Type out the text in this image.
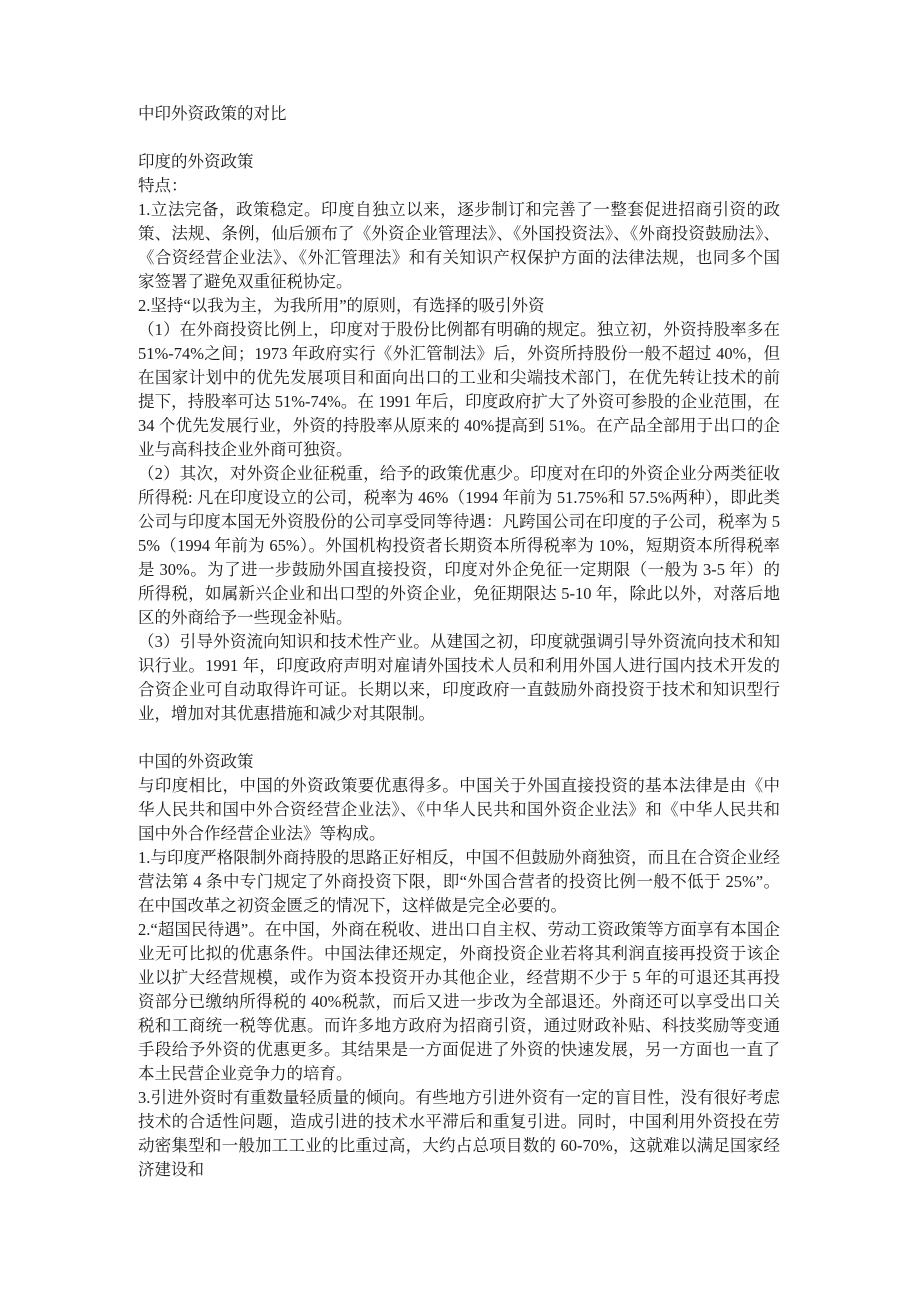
中印外资政策的对比

印度的外资政策

特点：

1.立法完备，政策稳定。印度自独立以来，逐步制订和完善了一整套促进招商引资的政策、法规、条例，仙后颁布了《外资企业管理法》、《外国投资法》、《外商投资鼓励法》、《合资经营企业法》、《外汇管理法》和有关知识产权保护方面的法律法规，也同多个国家签署了避免双重征税协定。

2.坚持“以我为主，为我所用”的原则，有选择的吸引外资

（1）在外商投资比例上，印度对于股份比例都有明确的规定。独立初，外资持股率多在 51%-74%之间；1973 年政府实行《外汇管制法》后，外资所持股份一般不超过 40%，但在国家计划中的优先发展项目和面向出口的工业和尖端技术部门，在优先转让技术的前提下，持股率可达 51%-74%。在 1991 年后，印度政府扩大了外资可参股的企业范围，在 34 个优先发展行业，外资的持股率从原来的 40%提高到 51%。在产品全部用于出口的企业与高科技企业外商可独资。

（2）其次，对外资企业征税重，给予的政策优惠少。印度对在印的外资企业分两类征收所得税: 凡在印度设立的公司，税率为 46%（1994 年前为 51.75%和 57.5%两种），即此类公司与印度本国无外资股份的公司享受同等待遇：凡跨国公司在印度的子公司，税率为 55%（1994 年前为 65%）。外国机构投资者长期资本所得税率为 10%，短期资本所得税率是 30%。为了进一步鼓励外国直接投资，印度对外企免征一定期限（一般为 3-5 年）的所得税，如属新兴企业和出口型的外资企业，免征期限达 5-10 年，除此以外，对落后地区的外商给予一些现金补贴。

（3）引导外资流向知识和技术性产业。从建国之初，印度就强调引导外资流向技术和知识行业。1991 年，印度政府声明对雇请外国技术人员和利用外国人进行国内技术开发的合资企业可自动取得许可证。长期以来，印度政府一直鼓励外商投资于技术和知识型行业，增加对其优惠措施和减少对其限制。

中国的外资政策

与印度相比，中国的外资政策要优惠得多。中国关于外国直接投资的基本法律是由《中华人民共和国中外合资经营企业法》、《中华人民共和国外资企业法》和《中华人民共和国中外合作经营企业法》等构成。

1.与印度严格限制外商持股的思路正好相反，中国不但鼓励外商独资，而且在合资企业经营法第 4 条中专门规定了外商投资下限，即“外国合营者的投资比例一般不低于 25%”。在中国改革之初资金匮乏的情况下，这样做是完全必要的。

2.“超国民待遇”。在中国，外商在税收、进出口自主权、劳动工资政策等方面享有本国企业无可比拟的优惠条件。中国法律还规定，外商投资企业若将其利润直接再投资于该企业以扩大经营规模，或作为资本投资开办其他企业，经营期不少于 5 年的可退还其再投资部分已缴纳所得税的 40%税款，而后又进一步改为全部退还。外商还可以享受出口关税和工商统一税等优惠。而许多地方政府为招商引资，通过财政补贴、科技奖励等变通手段给予外资的优惠更多。其结果是一方面促进了外资的快速发展，另一方面也一直了本土民营企业竞争力的培育。

3.引进外资时有重数量轻质量的倾向。有些地方引进外资有一定的盲目性，没有很好考虑技术的合适性问题，造成引进的技术水平滞后和重复引进。同时，中国利用外资投在劳动密集型和一般加工工业的比重过高，大约占总项目数的 60-70%，这就难以满足国家经济建设和
